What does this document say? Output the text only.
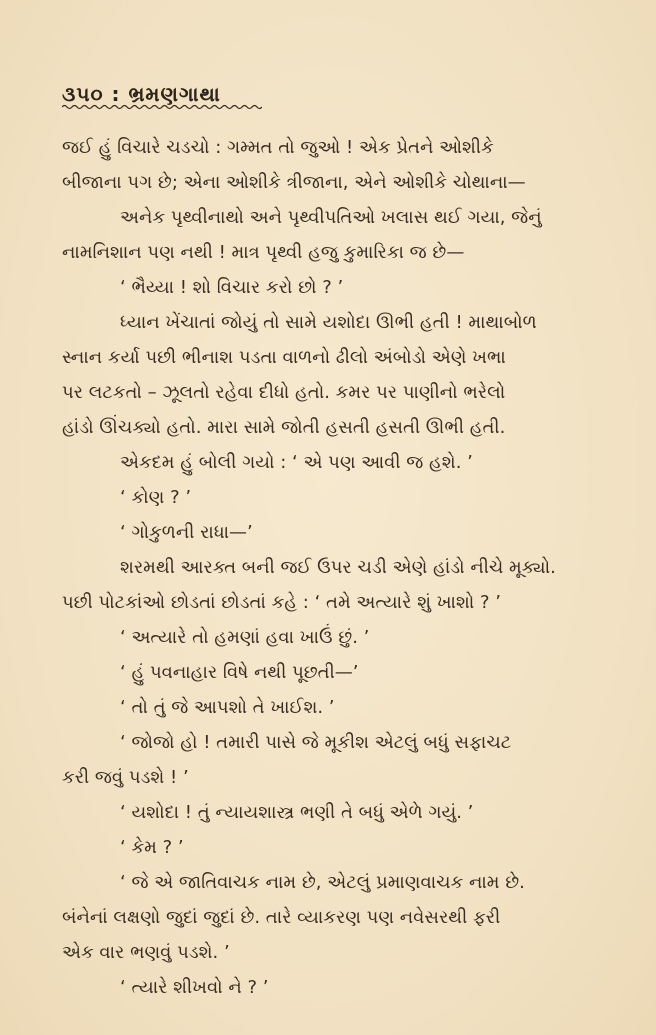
૩૫૦ : ભ્રમણગાથા
જઈ હું વિચારે ચડચો : ગમ્મત તો જુઓ ! એક પ્રેતને ઓશીકે
બીજાના પગ છે; એના ઓશીકે ત્રીજાના, એને ઓશીકે ચોથાના—
અનેક પૃથ્વીનાથો અને પૃથ્વીપતિઓ ખલાસ થઈ ગયા, જેનું
નામનિશાન પણ નથી ! માત્ર પૃથ્વી હજુ કુમારિકા જ છે—
‘ ભૈય્યા ! શો વિચાર કરો છો ? ’
ધ્યાન ખેંચાતાં જોયું તો સામે યશોદા ઊભી હતી ! માથાબોળ
સ્નાન કર્યા પછી ભીનાશ પડતા વાળનો ઢીલો અંબોડો એણે ખભા
પર લટકતો – ઝૂલતો રહેવા દીધો હતો. કમર પર પાણીનો ભરેલો
હાંડો ઊંચક્યો હતો. મારા સામે જોતી હસતી હસતી ઊભી હતી.
એકદમ હું બોલી ગયો : ‘ એ પણ આવી જ હશે. ’
‘ કોણ ? ’
‘ ગોકુળની રાધા—’
શરમથી આરક્ત બની જઈ ઉપર ચડી એણે હાંડો નીચે મૂક્યો.
પછી પોટકાંઓ છોડતાં છોડતાં કહે : ‘ તમે અત્યારે શું ખાશો ? ’
‘ અત્યારે તો હમણાં હવા ખાઉં છું. ’
‘ હું પવનાહાર વિષે નથી પૂછતી—’
‘ તો તું જે આપશો તે ખાઈશ. ’
‘ જોજો હો ! તમારી પાસે જે મૂકીશ એટલું બધું સફાચટ
કરી જવું પડશે ! ’
‘ યશોદા ! તું ન્યાયશાસ્ત્ર ભણી તે બધું એળે ગયું. ’
‘ કેમ ? ’
‘ જે એ જાતિવાચક નામ છે, એટલું પ્રમાણવાચક નામ છે.
બંનેનાં લક્ષણો જુદાં જુદાં છે. તારે વ્યાકરણ પણ નવેસરથી ફરી
એક વાર ભણવું પડશે. ’
‘ ત્યારે શીખવો ને ? ’
